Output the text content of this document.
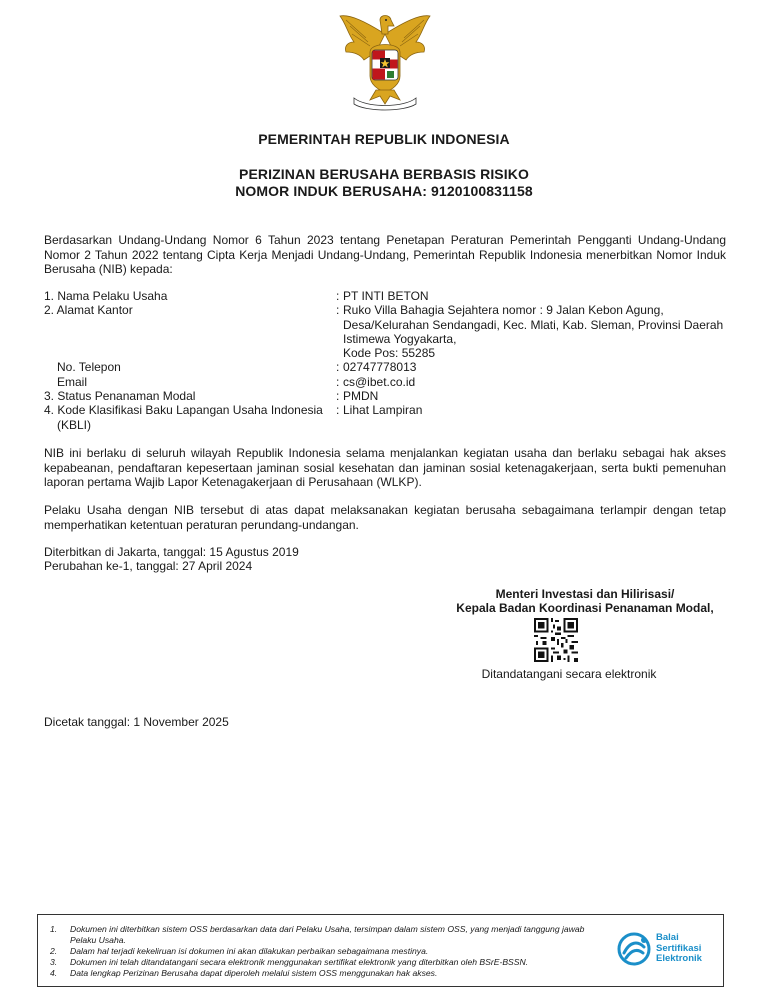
PEMERINTAH REPUBLIK INDONESIA
PERIZINAN BERUSAHA BERBASIS RISIKO
NOMOR INDUK BERUSAHA: 9120100831158
Berdasarkan Undang-Undang Nomor 6 Tahun 2023 tentang Penetapan Peraturan Pemerintah Pengganti Undang-Undang Nomor 2 Tahun 2022 tentang Cipta Kerja Menjadi Undang-Undang, Pemerintah Republik Indonesia menerbitkan Nomor Induk Berusaha (NIB) kepada:
1. Nama Pelaku Usaha	: PT INTI BETON
2. Alamat Kantor	: Ruko Villa Bahagia Sejahtera nomor : 9 Jalan Kebon Agung,
Desa/Kelurahan Sendangadi, Kec. Mlati, Kab. Sleman, Provinsi Daerah
Istimewa Yogyakarta,
Kode Pos: 55285
No. Telepon	: 02747778013
Email	: cs@ibet.co.id
3. Status Penanaman Modal	: PMDN
4. Kode Klasifikasi Baku Lapangan Usaha Indonesia	: Lihat Lampiran
(KBLI)
NIB ini berlaku di seluruh wilayah Republik Indonesia selama menjalankan kegiatan usaha dan berlaku sebagai hak akses kepabeanan, pendaftaran kepesertaan jaminan sosial kesehatan dan jaminan sosial ketenagakerjaan, serta bukti pemenuhan laporan pertama Wajib Lapor Ketenagakerjaan di Perusahaan (WLKP).
Pelaku Usaha dengan NIB tersebut di atas dapat melaksanakan kegiatan berusaha sebagaimana terlampir dengan tetap memperhatikan ketentuan peraturan perundang-undangan.
Diterbitkan di Jakarta, tanggal: 15 Agustus 2019
Perubahan ke-1, tanggal: 27 April 2024
Menteri Investasi dan Hilirisasi/
Kepala Badan Koordinasi Penanaman Modal,
Ditandatangani secara elektronik
Dicetak tanggal: 1 November 2025
1.	Dokumen ini diterbitkan sistem OSS berdasarkan data dari Pelaku Usaha, tersimpan dalam sistem OSS, yang menjadi tanggung jawab
Pelaku Usaha.
2.	Dalam hal terjadi kekeliruan isi dokumen ini akan dilakukan perbaikan sebagaimana mestinya.
3.	Dokumen ini telah ditandatangani secara elektronik menggunakan sertifikat elektronik yang diterbitkan oleh BSrE-BSSN.
4.	Data lengkap Perizinan Berusaha dapat diperoleh melalui sistem OSS menggunakan hak akses.
Balai
Sertifikasi
Elektronik
